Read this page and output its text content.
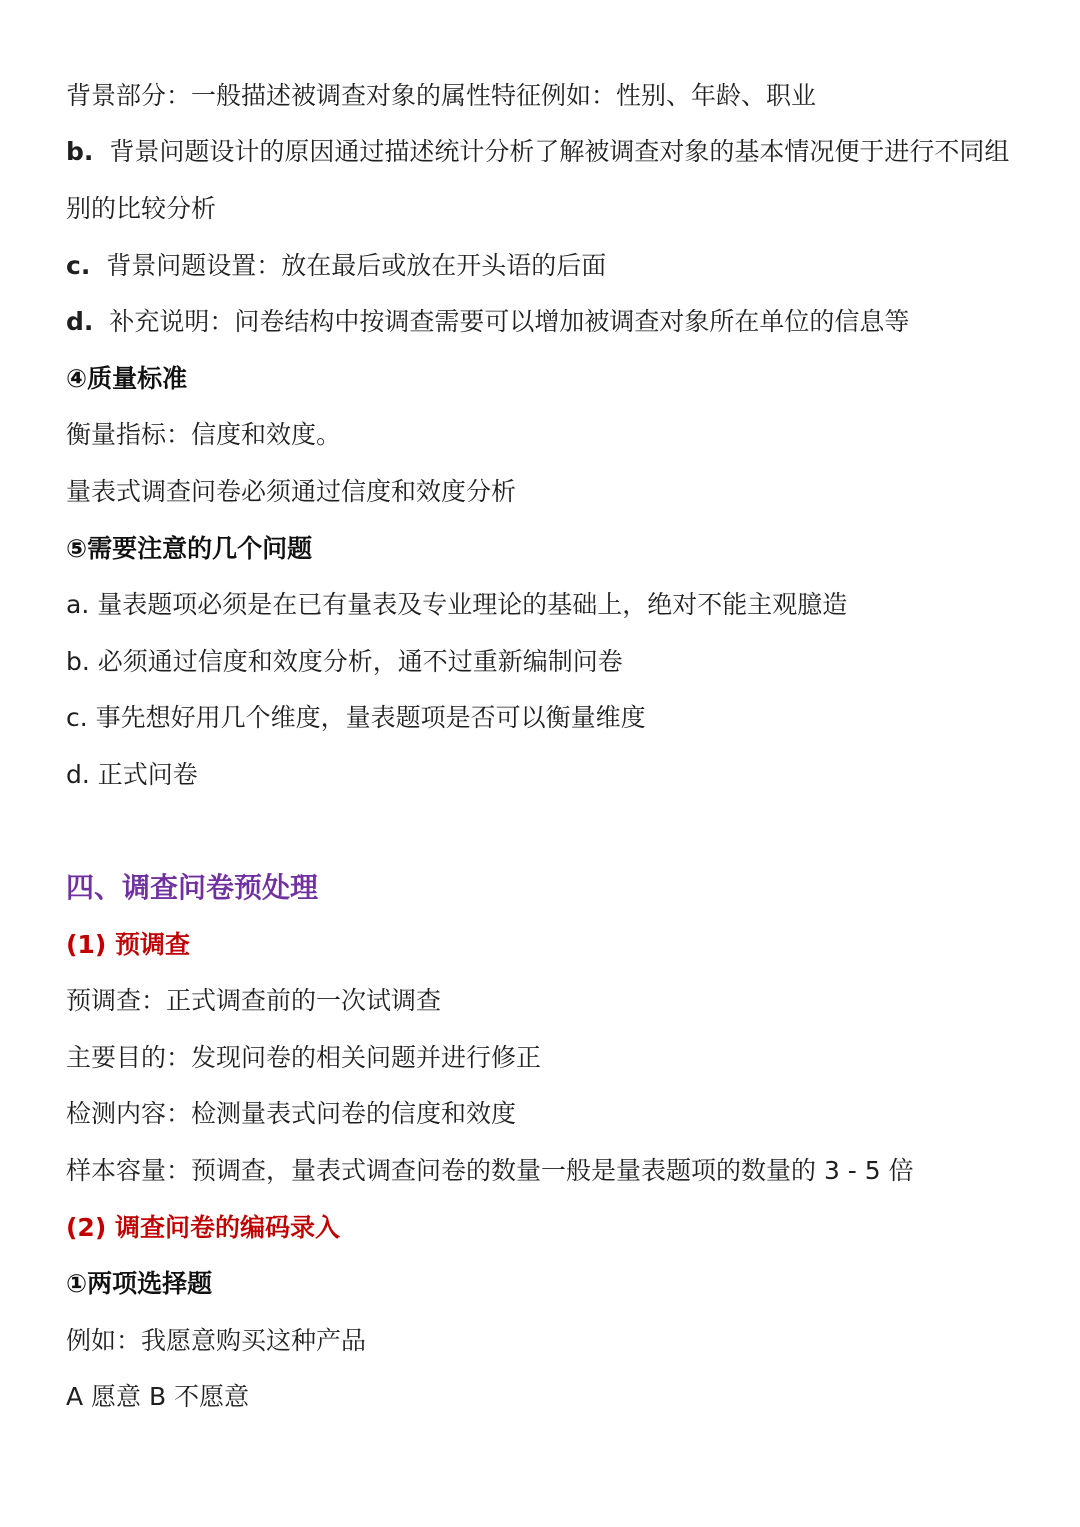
背景部分：一般描述被调查对象的属性特征例如：性别、年龄、职业
b. 背景问题设计的原因通过描述统计分析了解被调查对象的基本情况便于进行不同组别的比较分析
c. 背景问题设置：放在最后或放在开头语的后面
d. 补充说明：问卷结构中按调查需要可以增加被调查对象所在单位的信息等
④质量标准
衡量指标：信度和效度。
量表式调查问卷必须通过信度和效度分析
⑤需要注意的几个问题
a. 量表题项必须是在已有量表及专业理论的基础上，绝对不能主观臆造
b. 必须通过信度和效度分析，通不过重新编制问卷
c. 事先想好用几个维度，量表题项是否可以衡量维度
d. 正式问卷
四、调查问卷预处理
(1) 预调查
预调查：正式调查前的一次试调查
主要目的：发现问卷的相关问题并进行修正
检测内容：检测量表式问卷的信度和效度
样本容量：预调查，量表式调查问卷的数量一般是量表题项的数量的 3 - 5 倍
(2) 调查问卷的编码录入
①两项选择题
例如：我愿意购买这种产品
A 愿意 B 不愿意
